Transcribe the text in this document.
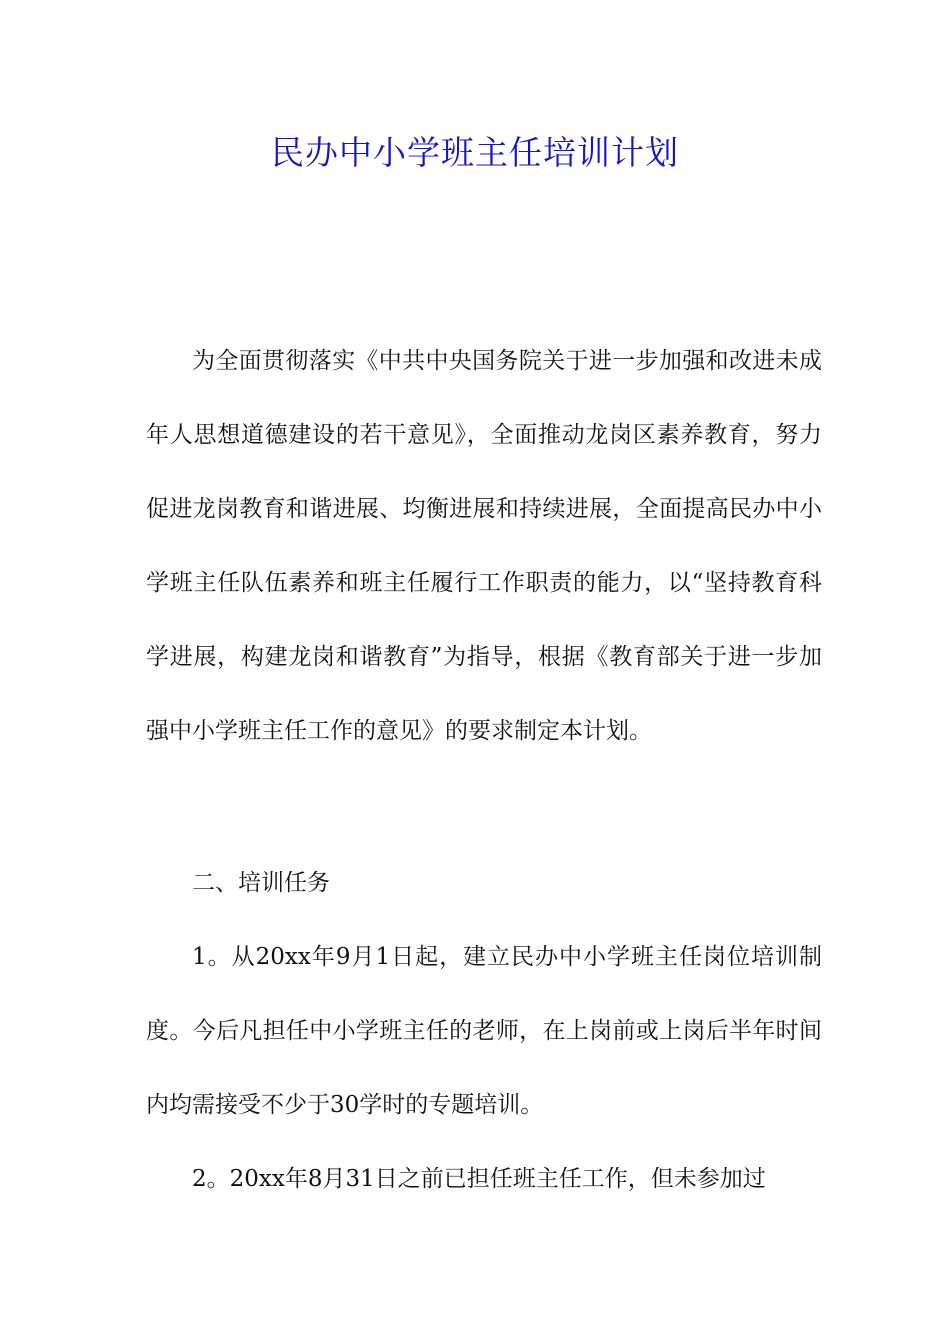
民办中小学班主任培训计划

为全面贯彻落实《中共中央国务院关于进一步加强和改进未成年人思想道德建设的若干意见》，全面推动龙岗区素养教育，努力促进龙岗教育和谐进展、均衡进展和持续进展，全面提高民办中小学班主任队伍素养和班主任履行工作职责的能力，以“坚持教育科学进展，构建龙岗和谐教育”为指导，根据《教育部关于进一步加强中小学班主任工作的意见》的要求制定本计划。

二、培训任务

1。从20xx年9月1日起，建立民办中小学班主任岗位培训制度。今后凡担任中小学班主任的老师，在上岗前或上岗后半年时间内均需接受不少于30学时的专题培训。

2。20xx年8月31日之前已担任班主任工作，但未参加过
